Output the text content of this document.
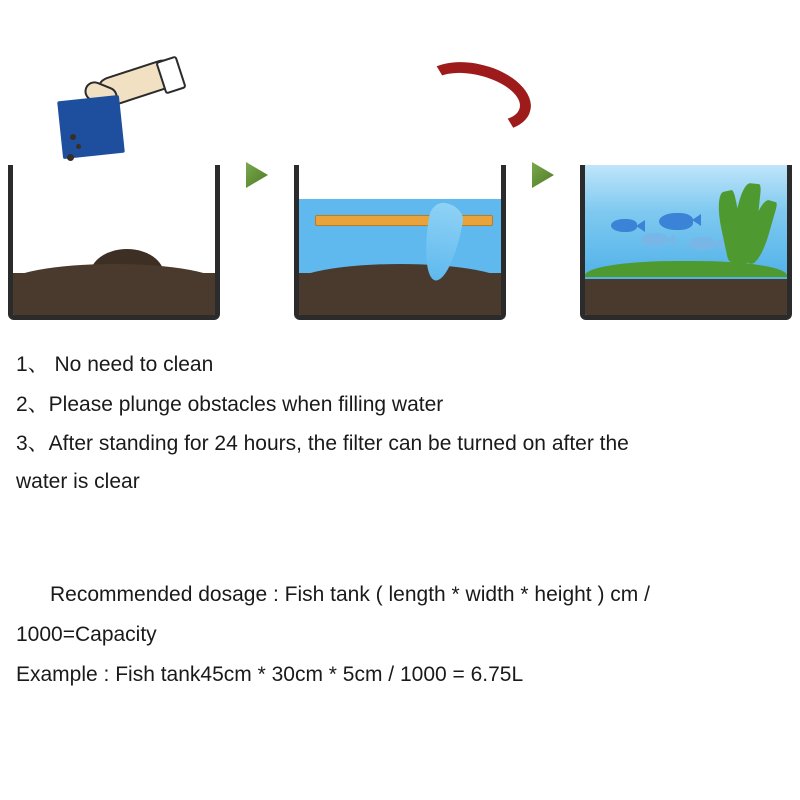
1、 No need to clean
2、Please plunge obstacles when filling water
3、After standing for 24 hours, the filter can be turned on after the
water is clear
Recommended dosage : Fish tank ( length * width * height ) cm /
1000=Capacity
Example : Fish tank45cm * 30cm * 5cm / 1000 = 6.75L
